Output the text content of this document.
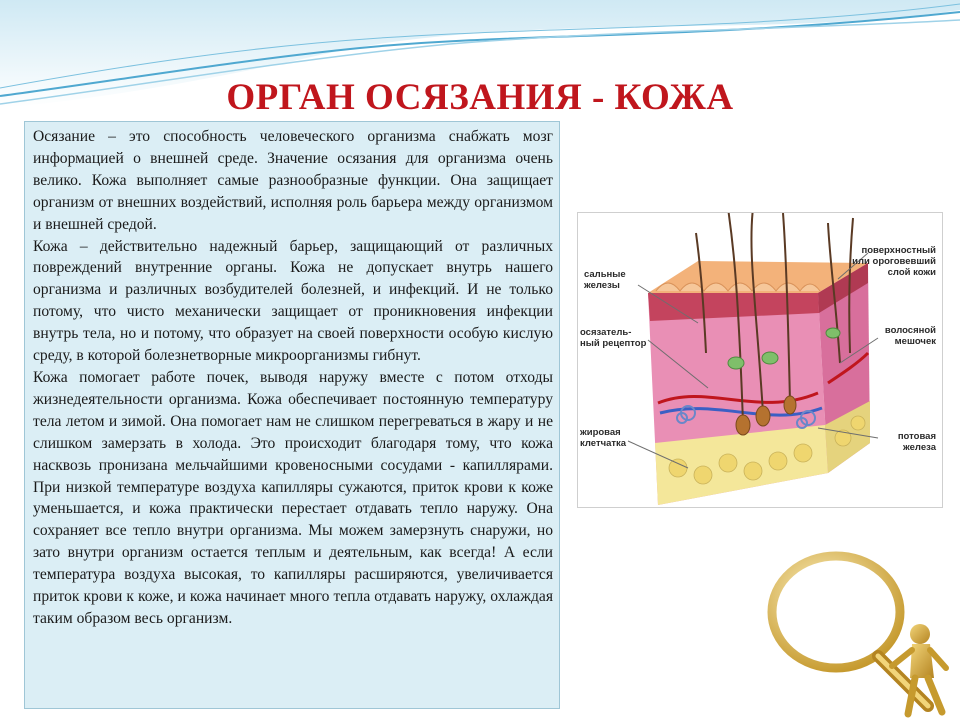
ОРГАН ОСЯЗАНИЯ - КОЖА

Осязание – это способность человеческого организма снабжать мозг информацией о внешней среде. Значение осязания для организма очень велико. Кожа выполняет самые разнообразные функции. Она защищает организм от внешних воздействий, исполняя роль барьера между организмом и внешней средой.

Кожа – действительно надежный барьер, защищающий от различных повреждений внутренние органы. Кожа не допускает внутрь нашего организма и различных возбудителей болезней, и инфекций. И не только потому, что чисто механически защищает от проникновения инфекции внутрь тела, но и потому, что образует на своей поверхности особую кислую среду, в которой болезнетворные микроорганизмы гибнут.

Кожа помогает работе почек, выводя наружу вместе с потом отходы жизнедеятельности организма. Кожа обеспечивает постоянную температуру тела летом и зимой. Она помогает нам не слишком перегреваться в жару и не слишком замерзать в холода. Это происходит благодаря тому, что кожа насквозь пронизана мельчайшими кровеносными сосудами - капиллярами. При низкой температуре воздуха капилляры сужаются, приток крови к коже уменьшается, и кожа практически перестает отдавать тепло наружу. Она сохраняет все тепло внутри организма. Мы можем замерзнуть снаружи, но зато внутри организм остается теплым и деятельным, как всегда! А если температура воздуха высокая, то капилляры расширяются, увеличивается приток крови к коже, и кожа начинает много тепла отдавать наружу, охлаждая таким образом весь организм.

сальные
железы
осязатель-
ный рецептор
жировая
клетчатка
поверхностный
или ороговевший
слой кожи
волосяной
мешочек
потовая
железа
